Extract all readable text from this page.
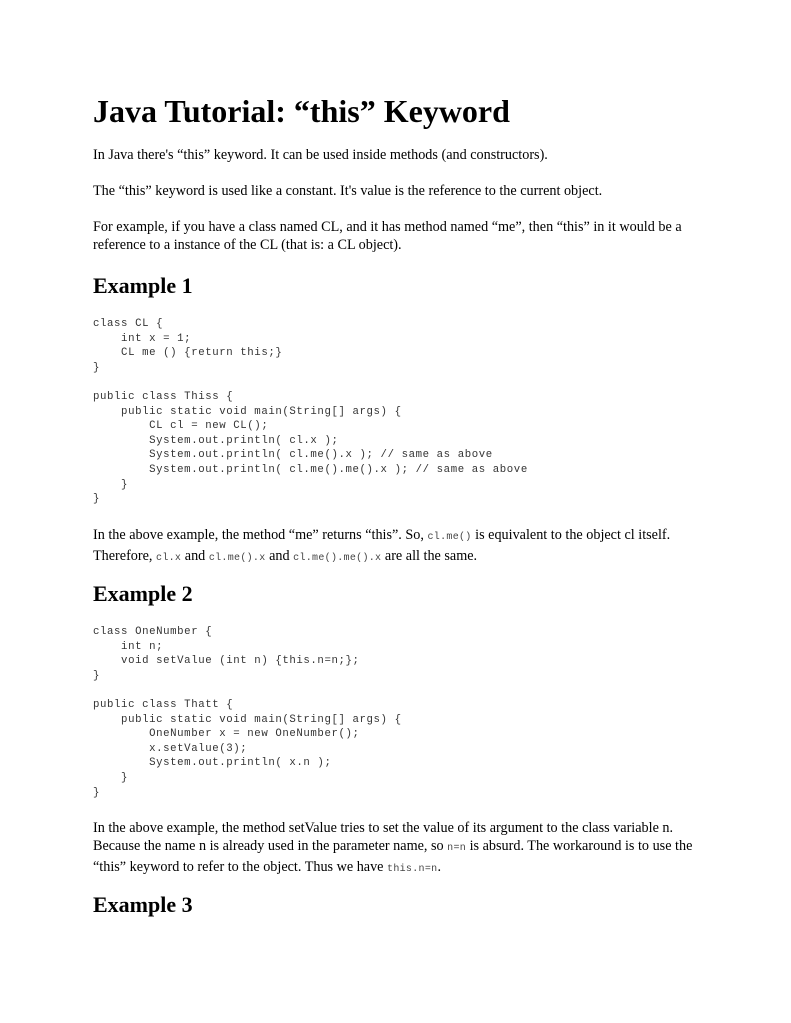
Java Tutorial: “this” Keyword

In Java there's “this” keyword. It can be used inside methods (and constructors).

The “this” keyword is used like a constant. It's value is the reference to the current object.

For example, if you have a class named CL, and it has method named “me”, then “this” in it would be a reference to a instance of the CL (that is: a CL object).

Example 1
class CL {
int x = 1;
CL me () {return this;}
}

public class Thiss {
public static void main(String[] args) {
CL cl = new CL();
System.out.println( cl.x );
System.out.println( cl.me().x ); // same as above
System.out.println( cl.me().me().x ); // same as above
}
}

In the above example, the method “me” returns “this”. So, cl.me() is equivalent to the object cl itself. Therefore, cl.x and cl.me().x and cl.me().me().x are all the same.

Example 2
class OneNumber {
int n;
void setValue (int n) {this.n=n;};
}

public class Thatt {
public static void main(String[] args) {
OneNumber x = new OneNumber();
x.setValue(3);
System.out.println( x.n );
}
}

In the above example, the method setValue tries to set the value of its argument to the class variable n. Because the name n is already used in the parameter name, so n=n is absurd. The workaround is to use the “this” keyword to refer to the object. Thus we have this.n=n.

Example 3
